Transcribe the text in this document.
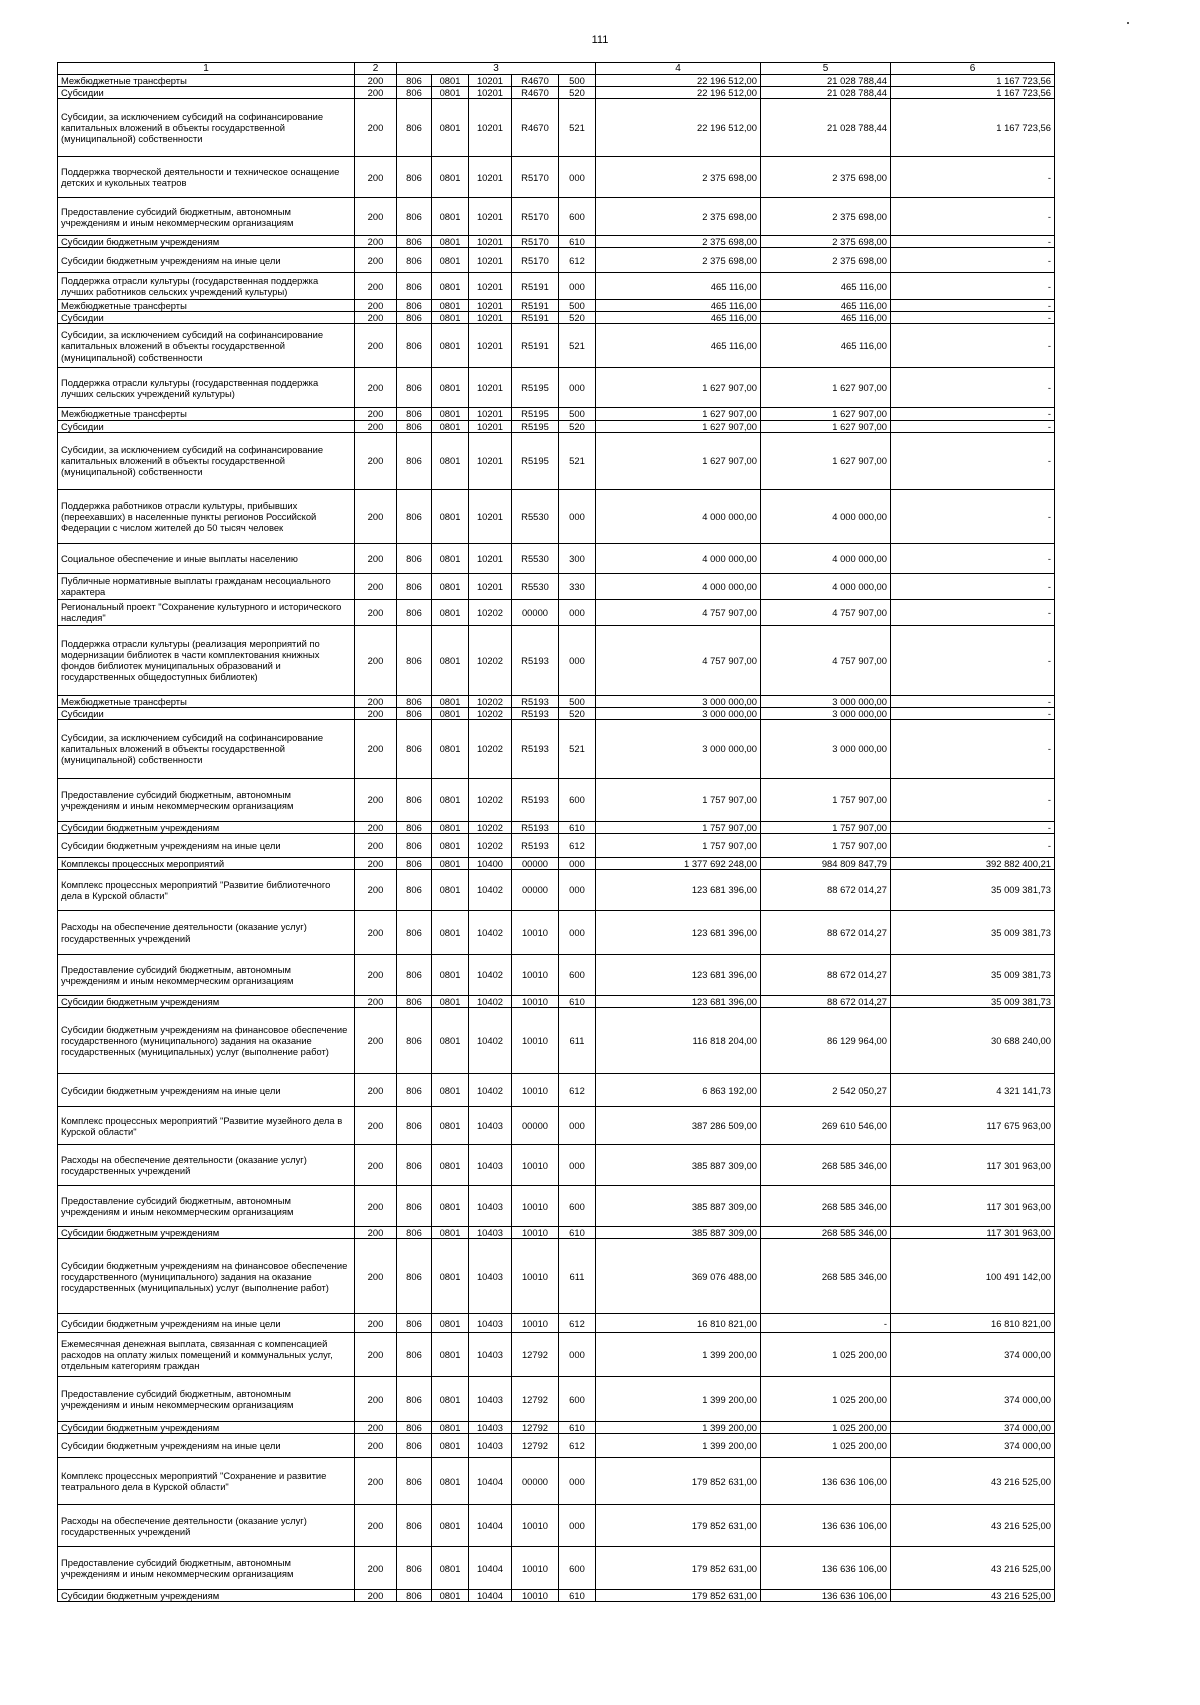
111
1	2	3					4	5	6
Межбюджетные трансферты	200	806	0801	10201	R4670	500	22 196 512,00	21 028 788,44	1 167 723,56
Субсидии	200	806	0801	10201	R4670	520	22 196 512,00	21 028 788,44	1 167 723,56
Субсидии, за исключением субсидий на софинансирование капитальных вложений в объекты государственной (муниципальной) собственности	200	806	0801	10201	R4670	521	22 196 512,00	21 028 788,44	1 167 723,56
Поддержка творческой деятельности и техническое оснащение детских и кукольных театров	200	806	0801	10201	R5170	000	2 375 698,00	2 375 698,00	-
Предоставление субсидий бюджетным, автономным учреждениям и иным некоммерческим организациям	200	806	0801	10201	R5170	600	2 375 698,00	2 375 698,00	-
Субсидии бюджетным учреждениям	200	806	0801	10201	R5170	610	2 375 698,00	2 375 698,00	-
Субсидии бюджетным учреждениям на иные цели	200	806	0801	10201	R5170	612	2 375 698,00	2 375 698,00	-
Поддержка отрасли культуры (государственная поддержка лучших работников сельских учреждений культуры)	200	806	0801	10201	R5191	000	465 116,00	465 116,00	-
Межбюджетные трансферты	200	806	0801	10201	R5191	500	465 116,00	465 116,00	-
Субсидии	200	806	0801	10201	R5191	520	465 116,00	465 116,00	-
Субсидии, за исключением субсидий на софинансирование капитальных вложений в объекты государственной (муниципальной) собственности	200	806	0801	10201	R5191	521	465 116,00	465 116,00	-
Поддержка отрасли культуры (государственная поддержка лучших сельских учреждений культуры)	200	806	0801	10201	R5195	000	1 627 907,00	1 627 907,00	-
Межбюджетные трансферты	200	806	0801	10201	R5195	500	1 627 907,00	1 627 907,00	-
Субсидии	200	806	0801	10201	R5195	520	1 627 907,00	1 627 907,00	-
Субсидии, за исключением субсидий на софинансирование капитальных вложений в объекты государственной (муниципальной) собственности	200	806	0801	10201	R5195	521	1 627 907,00	1 627 907,00	-
Поддержка работников отрасли культуры, прибывших (переехавших) в населенные пункты регионов Российской Федерации с числом жителей до 50 тысяч человек	200	806	0801	10201	R5530	000	4 000 000,00	4 000 000,00	-
Социальное обеспечение и иные выплаты населению	200	806	0801	10201	R5530	300	4 000 000,00	4 000 000,00	-
Публичные нормативные выплаты гражданам несоциального характера	200	806	0801	10201	R5530	330	4 000 000,00	4 000 000,00	-
Региональный проект "Сохранение культурного и исторического наследия"	200	806	0801	10202	00000	000	4 757 907,00	4 757 907,00	-
Поддержка отрасли культуры (реализация мероприятий по модернизации библиотек в части комплектования книжных фондов библиотек муниципальных образований и государственных общедоступных библиотек)	200	806	0801	10202	R5193	000	4 757 907,00	4 757 907,00	-
Межбюджетные трансферты	200	806	0801	10202	R5193	500	3 000 000,00	3 000 000,00	-
Субсидии	200	806	0801	10202	R5193	520	3 000 000,00	3 000 000,00	-
Субсидии, за исключением субсидий на софинансирование капитальных вложений в объекты государственной (муниципальной) собственности	200	806	0801	10202	R5193	521	3 000 000,00	3 000 000,00	-
Предоставление субсидий бюджетным, автономным учреждениям и иным некоммерческим организациям	200	806	0801	10202	R5193	600	1 757 907,00	1 757 907,00	-
Субсидии бюджетным учреждениям	200	806	0801	10202	R5193	610	1 757 907,00	1 757 907,00	-
Субсидии бюджетным учреждениям на иные цели	200	806	0801	10202	R5193	612	1 757 907,00	1 757 907,00	-
Комплексы процессных мероприятий	200	806	0801	10400	00000	000	1 377 692 248,00	984 809 847,79	392 882 400,21
Комплекс процессных мероприятий "Развитие библиотечного дела в Курской области"	200	806	0801	10402	00000	000	123 681 396,00	88 672 014,27	35 009 381,73
Расходы на обеспечение деятельности (оказание услуг) государственных учреждений	200	806	0801	10402	10010	000	123 681 396,00	88 672 014,27	35 009 381,73
Предоставление субсидий бюджетным, автономным учреждениям и иным некоммерческим организациям	200	806	0801	10402	10010	600	123 681 396,00	88 672 014,27	35 009 381,73
Субсидии бюджетным учреждениям	200	806	0801	10402	10010	610	123 681 396,00	88 672 014,27	35 009 381,73
Субсидии бюджетным учреждениям на финансовое обеспечение государственного (муниципального) задания на оказание государственных (муниципальных) услуг (выполнение работ)	200	806	0801	10402	10010	611	116 818 204,00	86 129 964,00	30 688 240,00
Субсидии бюджетным учреждениям на иные цели	200	806	0801	10402	10010	612	6 863 192,00	2 542 050,27	4 321 141,73
Комплекс процессных мероприятий "Развитие музейного дела в Курской области"	200	806	0801	10403	00000	000	387 286 509,00	269 610 546,00	117 675 963,00
Расходы на обеспечение деятельности (оказание услуг) государственных учреждений	200	806	0801	10403	10010	000	385 887 309,00	268 585 346,00	117 301 963,00
Предоставление субсидий бюджетным, автономным учреждениям и иным некоммерческим организациям	200	806	0801	10403	10010	600	385 887 309,00	268 585 346,00	117 301 963,00
Субсидии бюджетным учреждениям	200	806	0801	10403	10010	610	385 887 309,00	268 585 346,00	117 301 963,00
Субсидии бюджетным учреждениям на финансовое обеспечение государственного (муниципального) задания на оказание государственных (муниципальных) услуг (выполнение работ)	200	806	0801	10403	10010	611	369 076 488,00	268 585 346,00	100 491 142,00
Субсидии бюджетным учреждениям на иные цели	200	806	0801	10403	10010	612	16 810 821,00	-	16 810 821,00
Ежемесячная денежная выплата, связанная с компенсацией расходов на оплату жилых помещений и коммунальных услуг, отдельным категориям граждан	200	806	0801	10403	12792	000	1 399 200,00	1 025 200,00	374 000,00
Предоставление субсидий бюджетным, автономным учреждениям и иным некоммерческим организациям	200	806	0801	10403	12792	600	1 399 200,00	1 025 200,00	374 000,00
Субсидии бюджетным учреждениям	200	806	0801	10403	12792	610	1 399 200,00	1 025 200,00	374 000,00
Субсидии бюджетным учреждениям на иные цели	200	806	0801	10403	12792	612	1 399 200,00	1 025 200,00	374 000,00
Комплекс процессных мероприятий "Сохранение и развитие театрального дела в Курской области"	200	806	0801	10404	00000	000	179 852 631,00	136 636 106,00	43 216 525,00
Расходы на обеспечение деятельности (оказание услуг) государственных учреждений	200	806	0801	10404	10010	000	179 852 631,00	136 636 106,00	43 216 525,00
Предоставление субсидий бюджетным, автономным учреждениям и иным некоммерческим организациям	200	806	0801	10404	10010	600	179 852 631,00	136 636 106,00	43 216 525,00
Субсидии бюджетным учреждениям	200	806	0801	10404	10010	610	179 852 631,00	136 636 106,00	43 216 525,00
